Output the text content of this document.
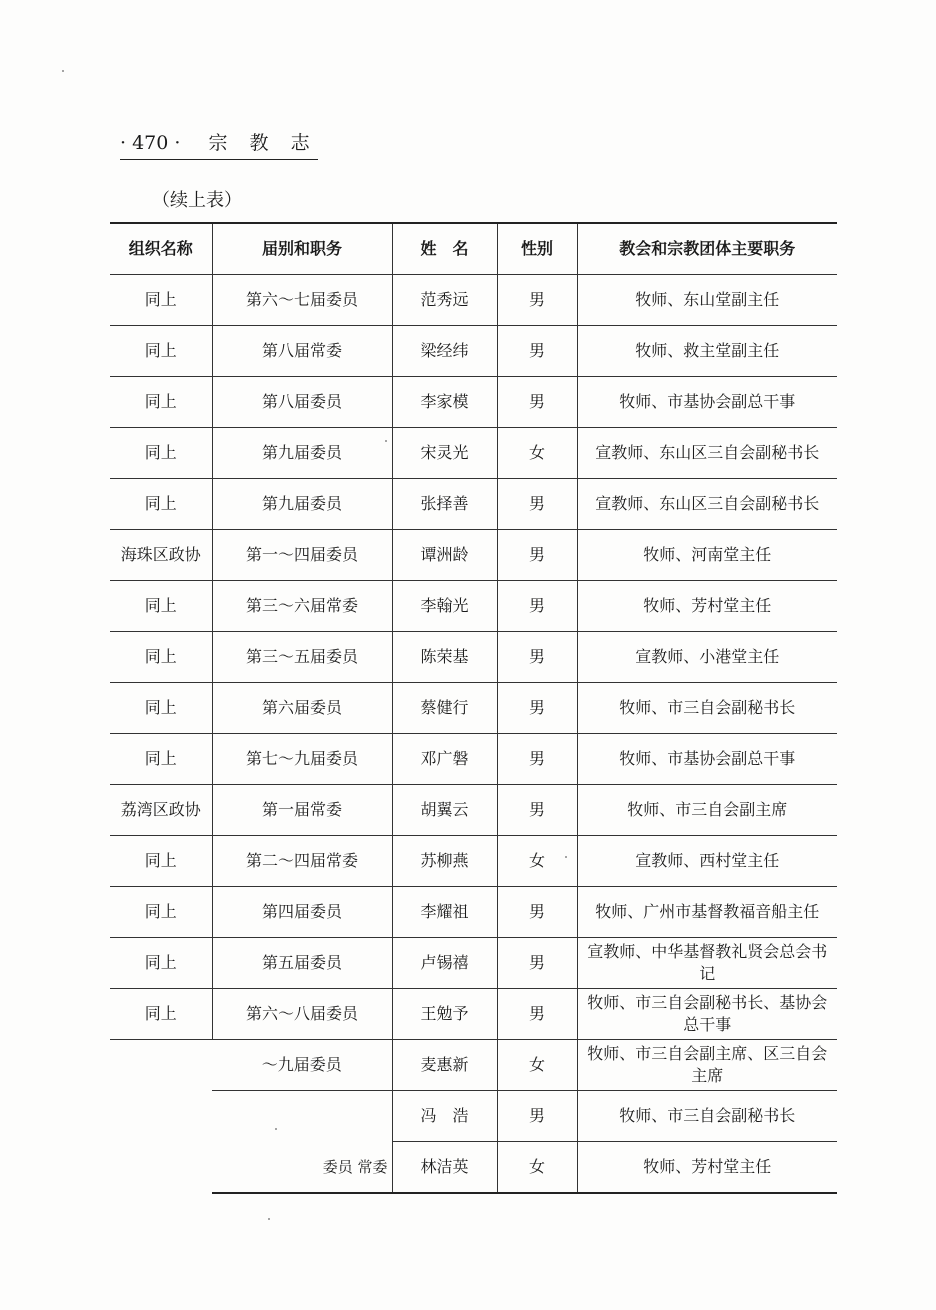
· 470 · 宗 教 志
（续上表）
组织名称	届别和职务	姓　名	性别	教会和宗教团体主要职务
同上	第六～七届委员	范秀远	男	牧师、东山堂副主任
同上	第八届常委	梁经纬	男	牧师、救主堂副主任
同上	第八届委员	李家模	男	牧师、市基协会副总干事
同上	第九届委员	宋灵光	女	宣教师、东山区三自会副秘书长
同上	第九届委员	张择善	男	宣教师、东山区三自会副秘书长
海珠区政协	第一～四届委员	谭洲龄	男	牧师、河南堂主任
同上	第三～六届常委	李翰光	男	牧师、芳村堂主任
同上	第三～五届委员	陈荣基	男	宣教师、小港堂主任
同上	第六届委员	蔡健行	男	牧师、市三自会副秘书长
同上	第七～九届委员	邓广磐	男	牧师、市基协会副总干事
荔湾区政协	第一届常委	胡翼云	男	牧师、市三自会副主席
同上	第二～四届常委	苏柳燕	女	宣教师、西村堂主任
同上	第四届委员	李耀祖	男	牧师、广州市基督教福音船主任
同上	第五届委员	卢锡禧	男	宣教师、中华基督教礼贤会总会书记
同上	第六～八届委员	王勉予	男	牧师、市三自会副秘书长、基协会总干事
	～九届委员	麦惠新	女	牧师、市三自会副主席、区三自会主席
		冯　浩	男	牧师、市三自会副秘书长
	委员 常委	林洁英	女	牧师、芳村堂主任
